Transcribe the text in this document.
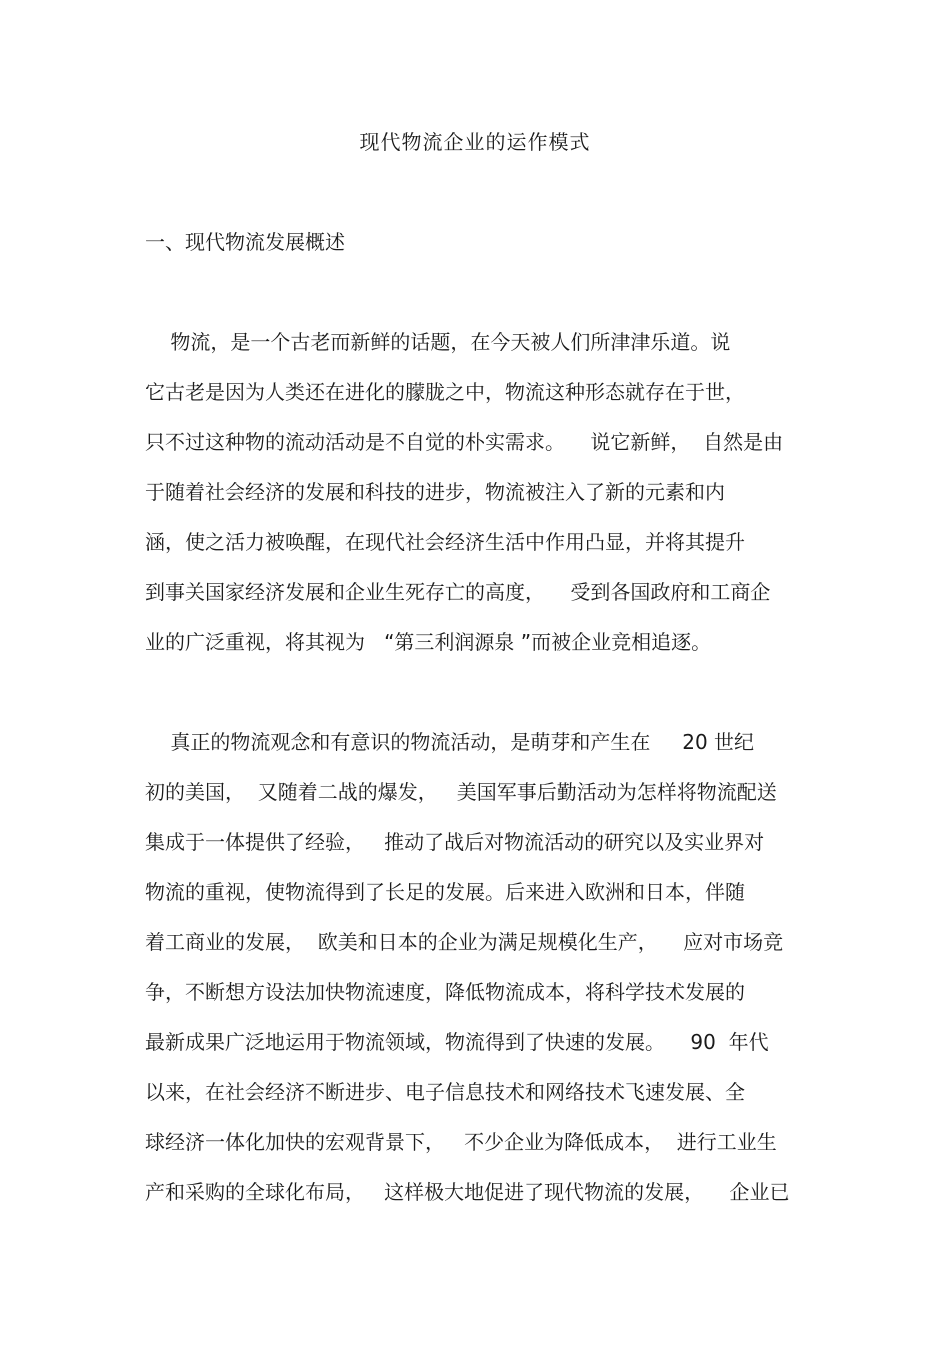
现代物流企业的运作模式
一、现代物流发展概述
物流，是一个古老而新鲜的话题，在今天被人们所津津乐道。说
它古老是因为人类还在进化的朦胧之中，物流这种形态就存在于世，
只不过这种物的流动活动是不自觉的朴实需求。    说它新鲜，  自然是由
于随着社会经济的发展和科技的进步，物流被注入了新的元素和内
涵，使之活力被唤醒，在现代社会经济生活中作用凸显，并将其提升
到事关国家经济发展和企业生死存亡的高度，    受到各国政府和工商企
业的广泛重视，将其视为   “第三利润源泉 ”而被企业竞相追逐。
真正的物流观念和有意识的物流活动，是萌芽和产生在     20 世纪
初的美国，  又随着二战的爆发，   美国军事后勤活动为怎样将物流配送
集成于一体提供了经验，   推动了战后对物流活动的研究以及实业界对
物流的重视，使物流得到了长足的发展。后来进入欧洲和日本，伴随
着工商业的发展，  欧美和日本的企业为满足规模化生产，    应对市场竞
争，不断想方设法加快物流速度，降低物流成本，将科学技术发展的
最新成果广泛地运用于物流领域，物流得到了快速的发展。    90  年代
以来，在社会经济不断进步、电子信息技术和网络技术飞速发展、全
球经济一体化加快的宏观背景下，   不少企业为降低成本，  进行工业生
产和采购的全球化布局，   这样极大地促进了现代物流的发展，    企业已
